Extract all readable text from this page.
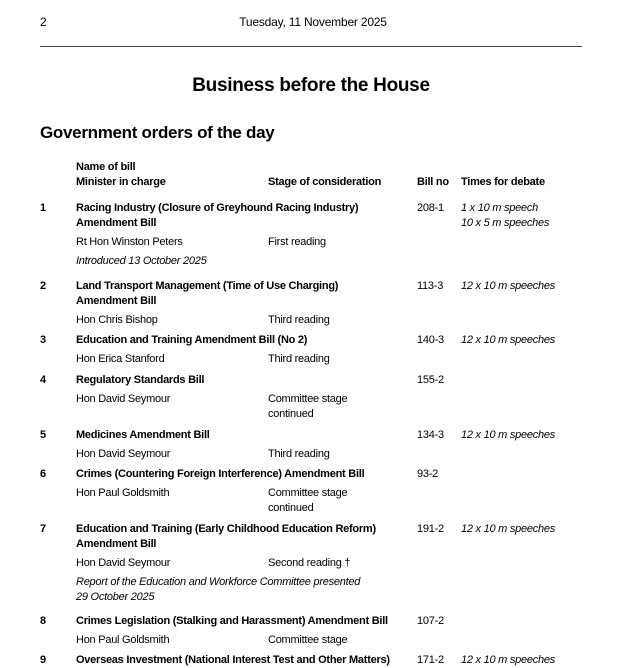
2	Tuesday, 11 November 2025
Business before the House
Government orders of the day
Name of bill
Minister in charge	Stage of consideration	Bill no Times for debate
1	Racing Industry (Closure of Greyhound Racing Industry)
Amendment Bill
208-1 1 x 10 m speech
10 x 5 m speeches
Rt Hon Winston Peters	First reading
Introduced 13 October 2025
2	Land Transport Management (Time of Use Charging)
Amendment Bill
113-3 12 x 10 m speeches
Hon Chris Bishop	Third reading
3	Education and Training Amendment Bill (No 2)	140-3 12 x 10 m speeches
Hon Erica Stanford	Third reading
4	Regulatory Standards Bill	155-2
Hon David Seymour	Committee stage
continued
5	Medicines Amendment Bill	134-3 12 x 10 m speeches
Hon David Seymour	Third reading
6	Crimes (Countering Foreign Interference) Amendment Bill	93-2
Hon Paul Goldsmith	Committee stage
continued
7	Education and Training (Early Childhood Education Reform)
Amendment Bill
191-2 12 x 10 m speeches
Hon David Seymour	Second reading †
Report of the Education and Workforce Committee presented
29 October 2025
8	Crimes Legislation (Stalking and Harassment) Amendment Bill	107-2
Hon Paul Goldsmith	Committee stage
9	Overseas Investment (National Interest Test and Other Matters) 171-2 12 x 10 m speeches
